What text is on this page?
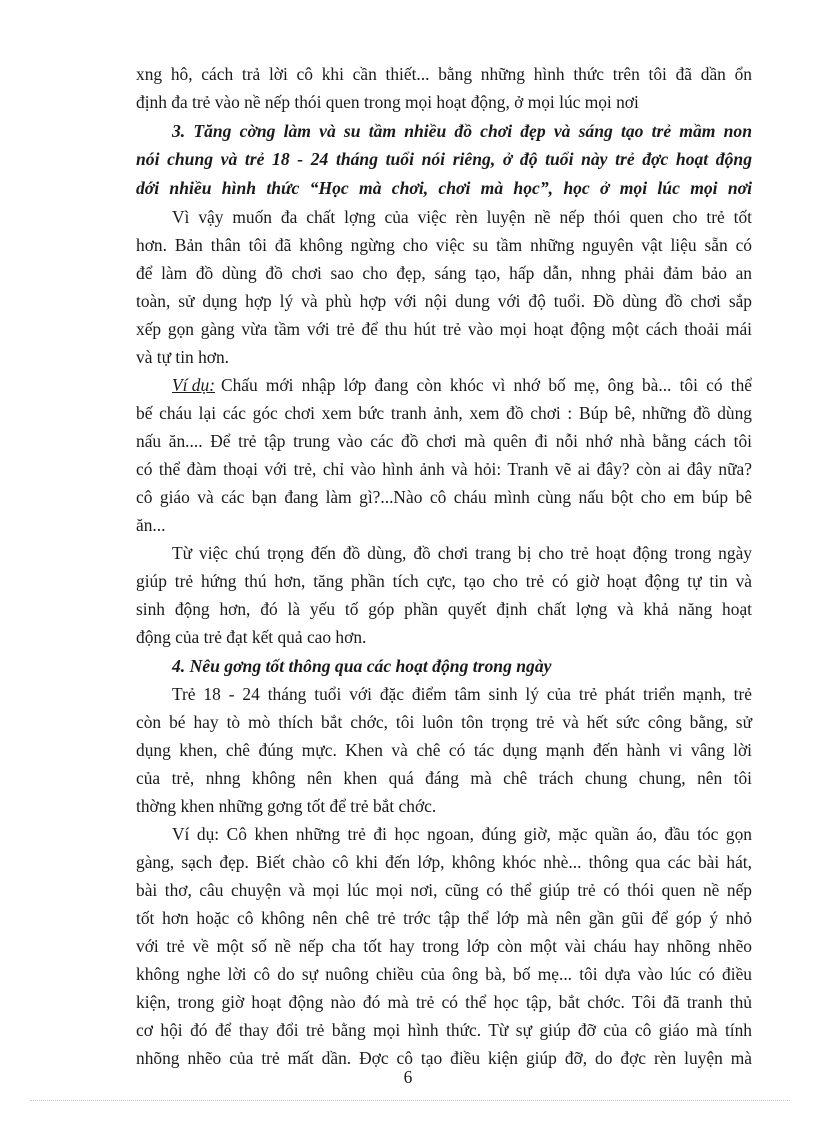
xng hô, cách trả lời cô khi cần thiết... bằng những hình thức trên tôi đã dần ổn
định đa trẻ vào nề nếp thói quen trong mọi hoạt động, ở mọi lúc mọi nơi
3. Tăng cờng làm và su tầm nhiều đồ chơi đẹp và sáng tạo trẻ mầm non
nói chung và trẻ 18 - 24 tháng tuổi nói riêng, ở độ tuổi này trẻ đợc hoạt động
dới nhiều hình thức “Học mà chơi, chơi mà học”, học ở mọi lúc mọi nơi
Vì vậy muốn đa chất lợng của việc rèn luyện nề nếp thói quen cho trẻ tốt
hơn. Bản thân tôi đã không ngừng cho việc su tầm những nguyên vật liệu sẵn có
để làm đồ dùng đồ chơi sao cho đẹp, sáng tạo, hấp dẫn, nhng phải đảm bảo an
toàn, sử dụng hợp lý và phù hợp với nội dung với độ tuổi. Đồ dùng đồ chơi sắp
xếp gọn gàng vừa tầm với trẻ để thu hút trẻ vào mọi hoạt động một cách thoải mái
và tự tin hơn.
Ví dụ: Chấu mới nhập lớp đang còn khóc vì nhớ bố mẹ, ông bà... tôi có thể
bế cháu lại các góc chơi xem bức tranh ảnh, xem đồ chơi : Búp bê, những đồ dùng
nấu ăn.... Để trẻ tập trung vào các đồ chơi mà quên đi nỗi nhớ nhà bằng cách tôi
có thể đàm thoại với trẻ, chỉ vào hình ảnh và hỏi: Tranh vẽ ai đây? còn ai đây nữa?
cô giáo và các bạn đang làm gì?...Nào cô cháu mình cùng nấu bột cho em búp bê
ăn...
Từ việc chú trọng đến đồ dùng, đồ chơi trang bị cho trẻ hoạt động trong ngày
giúp trẻ hứng thú hơn, tăng phần tích cực, tạo cho trẻ có giờ hoạt động tự tin và
sinh động hơn, đó là yếu tố góp phần quyết định chất lợng và khả năng hoạt
động của trẻ đạt kết quả cao hơn.
4. Nêu gơng tốt thông qua các hoạt động trong ngày
Trẻ 18 - 24 tháng tuổi với đặc điểm tâm sinh lý của trẻ phát triển mạnh, trẻ
còn bé hay tò mò thích bắt chớc, tôi luôn tôn trọng trẻ và hết sức công bằng, sử
dụng khen, chê đúng mực. Khen và chê có tác dụng mạnh đến hành vi vâng lời
của trẻ, nhng không nên khen quá đáng mà chê trách chung chung, nên tôi
thờng khen những gơng tốt để trẻ bắt chớc.
Ví dụ: Cô khen những trẻ đi học ngoan, đúng giờ, mặc quần áo, đầu tóc gọn
gàng, sạch đẹp. Biết chào cô khi đến lớp, không khóc nhè... thông qua các bài hát,
bài thơ, câu chuyện và mọi lúc mọi nơi, cũng có thể giúp trẻ có thói quen nề nếp
tốt hơn hoặc cô không nên chê trẻ trớc tập thể lớp mà nên gần gũi để góp ý nhỏ
với trẻ về một số nề nếp cha tốt hay trong lớp còn một vài cháu hay nhõng nhẽo
không nghe lời cô do sự nuông chiều của ông bà, bố mẹ... tôi dựa vào lúc có điều
kiện, trong giờ hoạt động nào đó mà trẻ có thể học tập, bắt chớc. Tôi đã tranh thủ
cơ hội đó để thay đổi trẻ bằng mọi hình thức. Từ sự giúp đỡ của cô giáo mà tính
nhõng nhẽo của trẻ mất dần. Đợc cô tạo điều kiện giúp đỡ, do đợc rèn luyện mà
6
